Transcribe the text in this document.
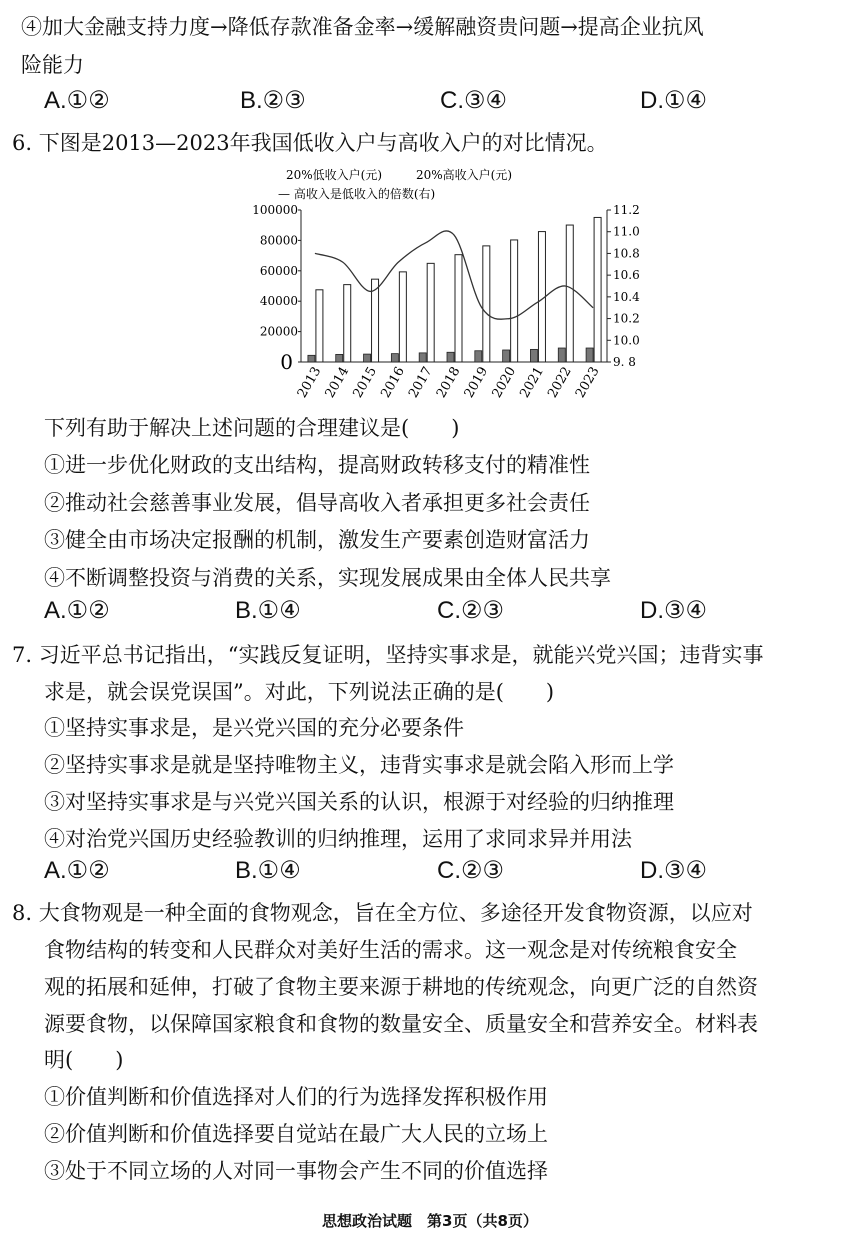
④加大金融支持力度→降低存款准备金率→缓解融资贵问题→提高企业抗风
险能力
A.①②	B.②③	C.③④	D.①④
6. 下图是2013—2023年我国低收入户与高收入户的对比情况。
20%低收入户(元)	20%高收入户(元)
— 高收入是低收入的倍数(右)
100000
80000
60000
40000
20000
0
11.2
11.0
10.8
10.6
10.4
10.2
10.0
9. 8
2013
2014
2015
2016
2017
2018
2019
2020
2021
2022
2023
下列有助于解决上述问题的合理建议是(　　)
①进一步优化财政的支出结构，提高财政转移支付的精准性
②推动社会慈善事业发展，倡导高收入者承担更多社会责任
③健全由市场决定报酬的机制，激发生产要素创造财富活力
④不断调整投资与消费的关系，实现发展成果由全体人民共享
A.①②	B.①④	C.②③	D.③④
7. 习近平总书记指出，“实践反复证明，坚持实事求是，就能兴党兴国；违背实事
求是，就会误党误国”。对此，下列说法正确的是(　　)
①坚持实事求是，是兴党兴国的充分必要条件
②坚持实事求是就是坚持唯物主义，违背实事求是就会陷入形而上学
③对坚持实事求是与兴党兴国关系的认识，根源于对经验的归纳推理
④对治党兴国历史经验教训的归纳推理，运用了求同求异并用法
A.①②	B.①④	C.②③	D.③④
8. 大食物观是一种全面的食物观念，旨在全方位、多途径开发食物资源，以应对
食物结构的转变和人民群众对美好生活的需求。这一观念是对传统粮食安全
观的拓展和延伸，打破了食物主要来源于耕地的传统观念，向更广泛的自然资
源要食物，以保障国家粮食和食物的数量安全、质量安全和营养安全。材料表
明(　　)
①价值判断和价值选择对人们的行为选择发挥积极作用
②价值判断和价值选择要自觉站在最广大人民的立场上
③处于不同立场的人对同一事物会产生不同的价值选择
思想政治试题　第3页（共8页）
